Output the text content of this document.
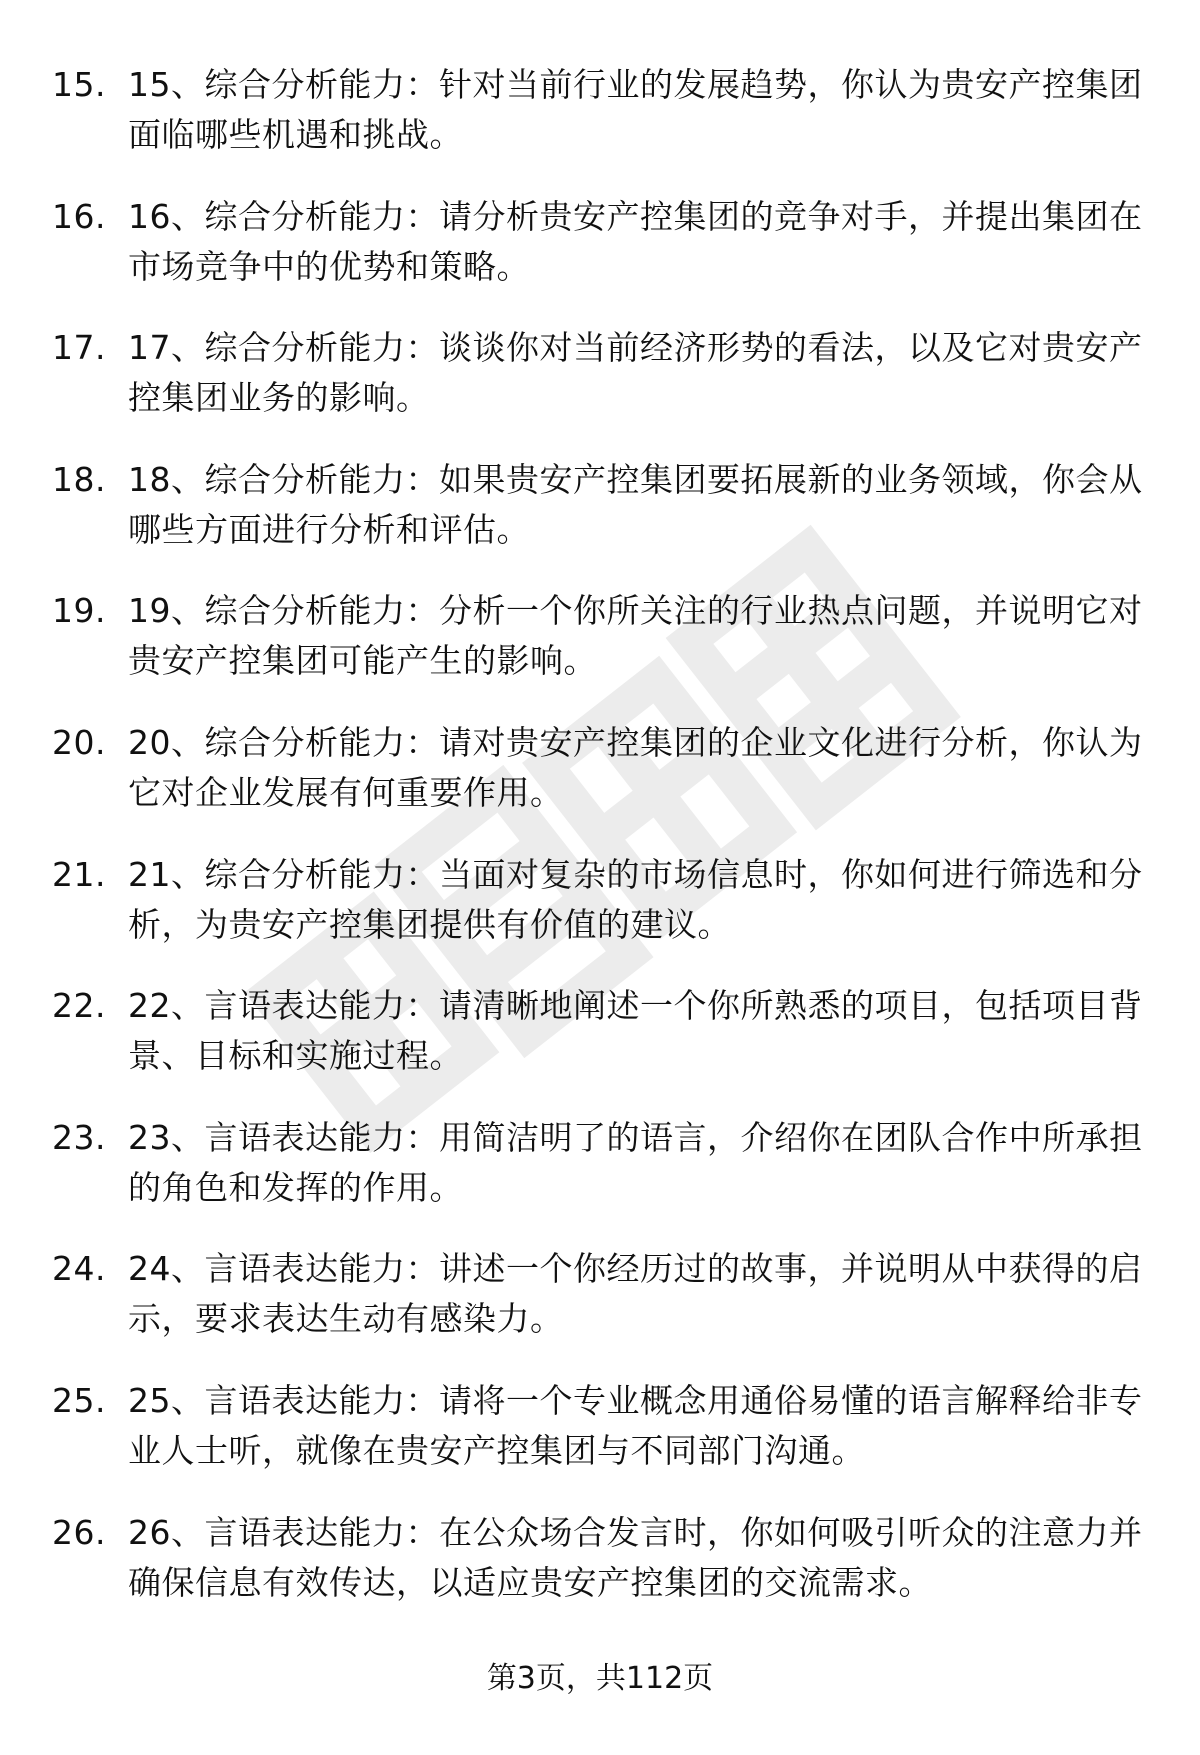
15. 15、综合分析能力：针对当前行业的发展趋势，你认为贵安产控集团面临哪些机遇和挑战。
16. 16、综合分析能力：请分析贵安产控集团的竞争对手，并提出集团在市场竞争中的优势和策略。
17. 17、综合分析能力：谈谈你对当前经济形势的看法，以及它对贵安产控集团业务的影响。
18. 18、综合分析能力：如果贵安产控集团要拓展新的业务领域，你会从哪些方面进行分析和评估。
19. 19、综合分析能力：分析一个你所关注的行业热点问题，并说明它对贵安产控集团可能产生的影响。
20. 20、综合分析能力：请对贵安产控集团的企业文化进行分析，你认为它对企业发展有何重要作用。
21. 21、综合分析能力：当面对复杂的市场信息时，你如何进行筛选和分析，为贵安产控集团提供有价值的建议。
22. 22、言语表达能力：请清晰地阐述一个你所熟悉的项目，包括项目背景、目标和实施过程。
23. 23、言语表达能力：用简洁明了的语言，介绍你在团队合作中所承担的角色和发挥的作用。
24. 24、言语表达能力：讲述一个你经历过的故事，并说明从中获得的启示，要求表达生动有感染力。
25. 25、言语表达能力：请将一个专业概念用通俗易懂的语言解释给非专业人士听，就像在贵安产控集团与不同部门沟通。
26. 26、言语表达能力：在公众场合发言时，你如何吸引听众的注意力并确保信息有效传达，以适应贵安产控集团的交流需求。
第3页，共112页
